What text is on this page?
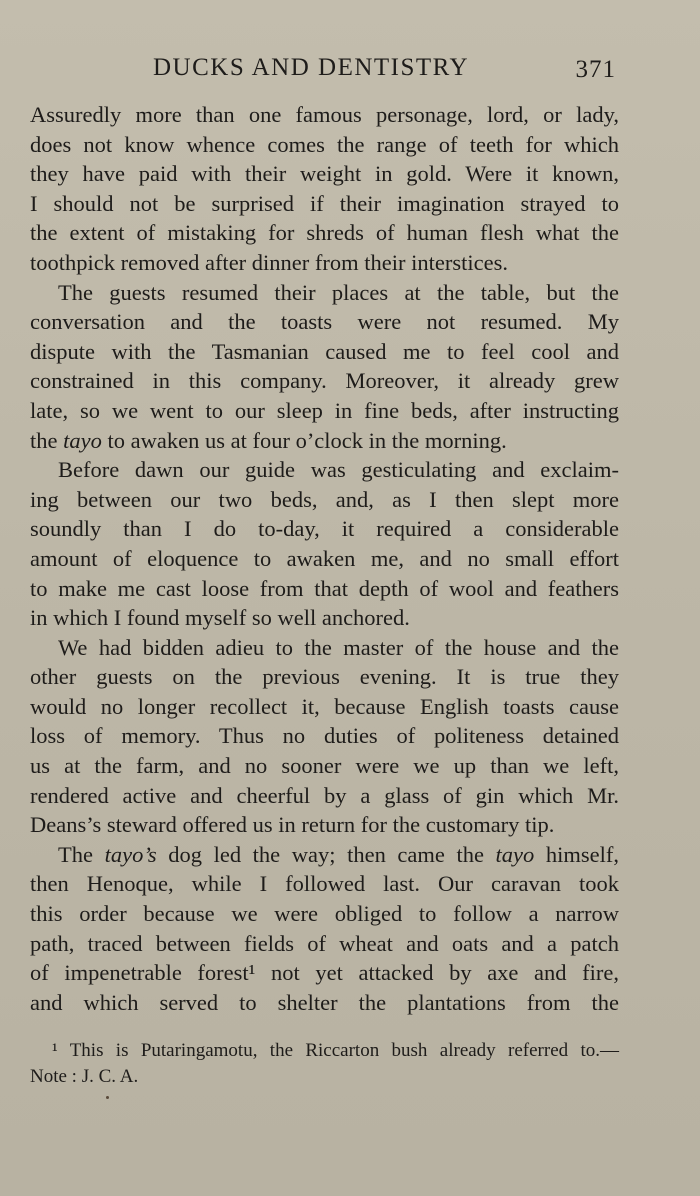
DUCKS AND DENTISTRY	371
Assuredly more than one famous personage, lord, or lady,
does not know whence comes the range of teeth for which
they have paid with their weight in gold. Were it known,
I should not be surprised if their imagination strayed to
the extent of mistaking for shreds of human flesh what the
toothpick removed after dinner from their interstices.
The guests resumed their places at the table, but the
conversation and the toasts were not resumed. My
dispute with the Tasmanian caused me to feel cool and
constrained in this company. Moreover, it already grew
late, so we went to our sleep in fine beds, after instructing
the tayo to awaken us at four o’clock in the morning.
Before dawn our guide was gesticulating and exclaim-
ing between our two beds, and, as I then slept more
soundly than I do to-day, it required a considerable
amount of eloquence to awaken me, and no small effort
to make me cast loose from that depth of wool and feathers
in which I found myself so well anchored.
We had bidden adieu to the master of the house and the
other guests on the previous evening. It is true they
would no longer recollect it, because English toasts cause
loss of memory. Thus no duties of politeness detained
us at the farm, and no sooner were we up than we left,
rendered active and cheerful by a glass of gin which Mr.
Deans’s steward offered us in return for the customary tip.
The tayo’s dog led the way; then came the tayo himself,
then Henoque, while I followed last. Our caravan took
this order because we were obliged to follow a narrow
path, traced between fields of wheat and oats and a patch
of impenetrable forest¹ not yet attacked by axe and fire,
and which served to shelter the plantations from the
¹ This is Putaringamotu, the Riccarton bush already referred to.—
Note : J. C. A.
